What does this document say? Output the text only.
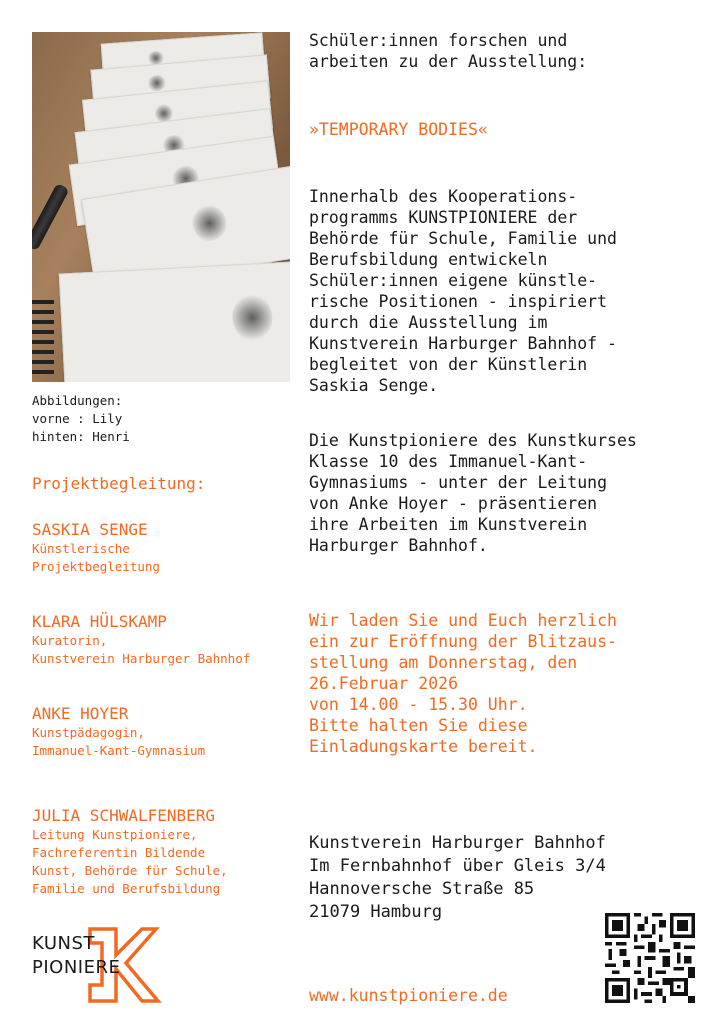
Abbildungen:
vorne : Lily
hinten: Henri
Projektbegleitung:
SASKIA SENGE
Künstlerische
Projektbegleitung
KLARA HÜLSKAMP
Kuratorin,
Kunstverein Harburger Bahnhof
ANKE HOYER
Kunstpädagogin,
Immanuel-Kant-Gymnasium
JULIA SCHWALFENBERG
Leitung Kunstpioniere,
Fachreferentin Bildende
Kunst, Behörde für Schule,
Familie und Berufsbildung
KUNST
PIONIERE
Schüler:innen forschen und
arbeiten zu der Ausstellung:
»TEMPORARY BODIES«
Innerhalb des Kooperations-
programms KUNSTPIONIERE der
Behörde für Schule, Familie und
Berufsbildung entwickeln
Schüler:innen eigene künstle-
rische Positionen - inspiriert
durch die Ausstellung im
Kunstverein Harburger Bahnhof -
begleitet von der Künstlerin
Saskia Senge.
Die Kunstpioniere des Kunstkurses
Klasse 10 des Immanuel-Kant-
Gymnasiums - unter der Leitung
von Anke Hoyer - präsentieren
ihre Arbeiten im Kunstverein
Harburger Bahnhof.
Wir laden Sie und Euch herzlich
ein zur Eröffnung der Blitzaus-
stellung am Donnerstag, den
26.Februar 2026
von 14.00 - 15.30 Uhr.
Bitte halten Sie diese
Einladungskarte bereit.
Kunstverein Harburger Bahnhof
Im Fernbahnhof über Gleis 3/4
Hannoversche Straße 85
21079 Hamburg
www.kunstpioniere.de
